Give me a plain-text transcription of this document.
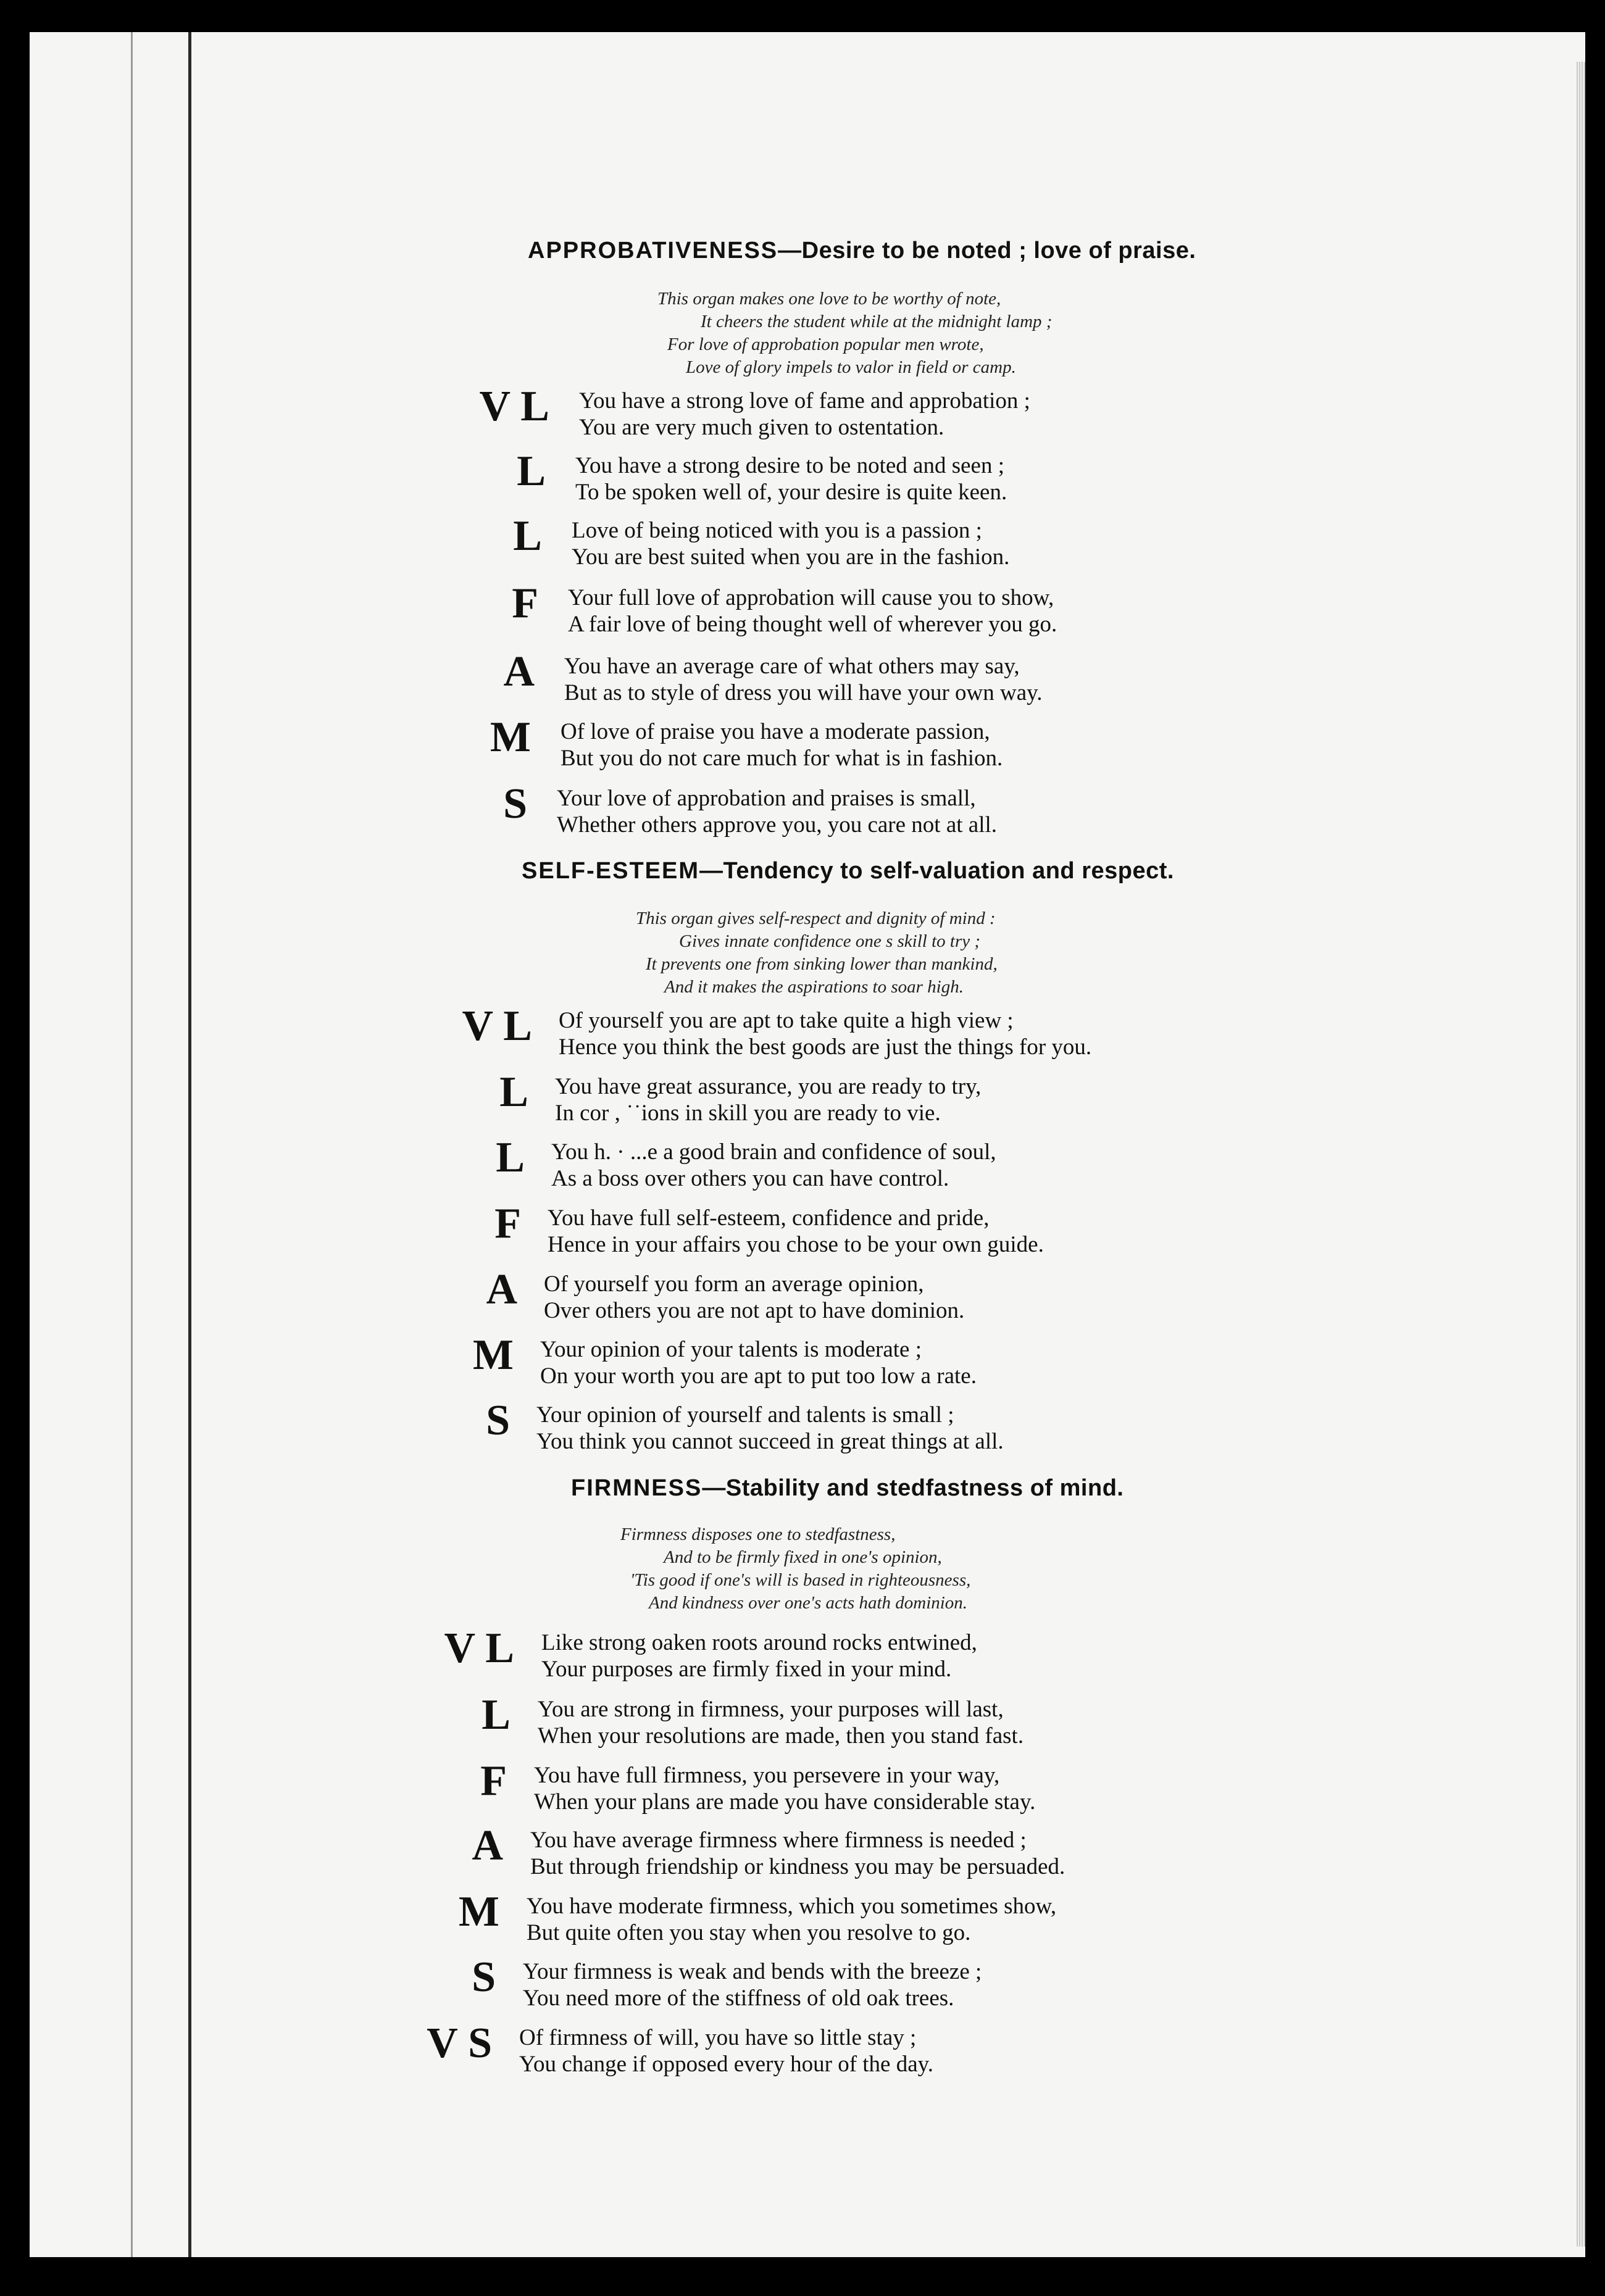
APPROBATIVENESS—Desire to be noted ; love of praise.
This organ makes one love to be worthy of note,
It cheers the student while at the midnight lamp ;
For love of approbation popular men wrote,
Love of glory impels to valor in field or camp.
V L You have a strong love of fame and approbation ;
You are very much given to ostentation.
L You have a strong desire to be noted and seen ;
To be spoken well of, your desire is quite keen.
L Love of being noticed with you is a passion ;
You are best suited when you are in the fashion.
F Your full love of approbation will cause you to show,
A fair love of being thought well of wherever you go.
A You have an average care of what others may say,
But as to style of dress you will have your own way.
M Of love of praise you have a moderate passion,
But you do not care much for what is in fashion.
S Your love of approbation and praises is small,
Whether others approve you, you care not at all.
SELF-ESTEEM—Tendency to self-valuation and respect.
This organ gives self-respect and dignity of mind :
Gives innate confidence one s skill to try ;
It prevents one from sinking lower than mankind,
And it makes the aspirations to soar high.
V L Of yourself you are apt to take quite a high view ;
Hence you think the best goods are just the things for you.
L You have great assurance, you are ready to try,
In cor , ˙˙ions in skill you are ready to vie.
L You h. · ...e a good brain and confidence of soul,
As a boss over others you can have control.
F You have full self-esteem, confidence and pride,
Hence in your affairs you chose to be your own guide.
A Of yourself you form an average opinion,
Over others you are not apt to have dominion.
M Your opinion of your talents is moderate ;
On your worth you are apt to put too low a rate.
S Your opinion of yourself and talents is small ;
You think you cannot succeed in great things at all.
FIRMNESS—Stability and stedfastness of mind.
Firmness disposes one to stedfastness,
And to be firmly fixed in one's opinion,
'Tis good if one's will is based in righteousness,
And kindness over one's acts hath dominion.
V L Like strong oaken roots around rocks entwined,
Your purposes are firmly fixed in your mind.
L You are strong in firmness, your purposes will last,
When your resolutions are made, then you stand fast.
F You have full firmness, you persevere in your way,
When your plans are made you have considerable stay.
A You have average firmness where firmness is needed ;
But through friendship or kindness you may be persuaded.
M You have moderate firmness, which you sometimes show,
But quite often you stay when you resolve to go.
S Your firmness is weak and bends with the breeze ;
You need more of the stiffness of old oak trees.
V S Of firmness of will, you have so little stay ;
You change if opposed every hour of the day.
